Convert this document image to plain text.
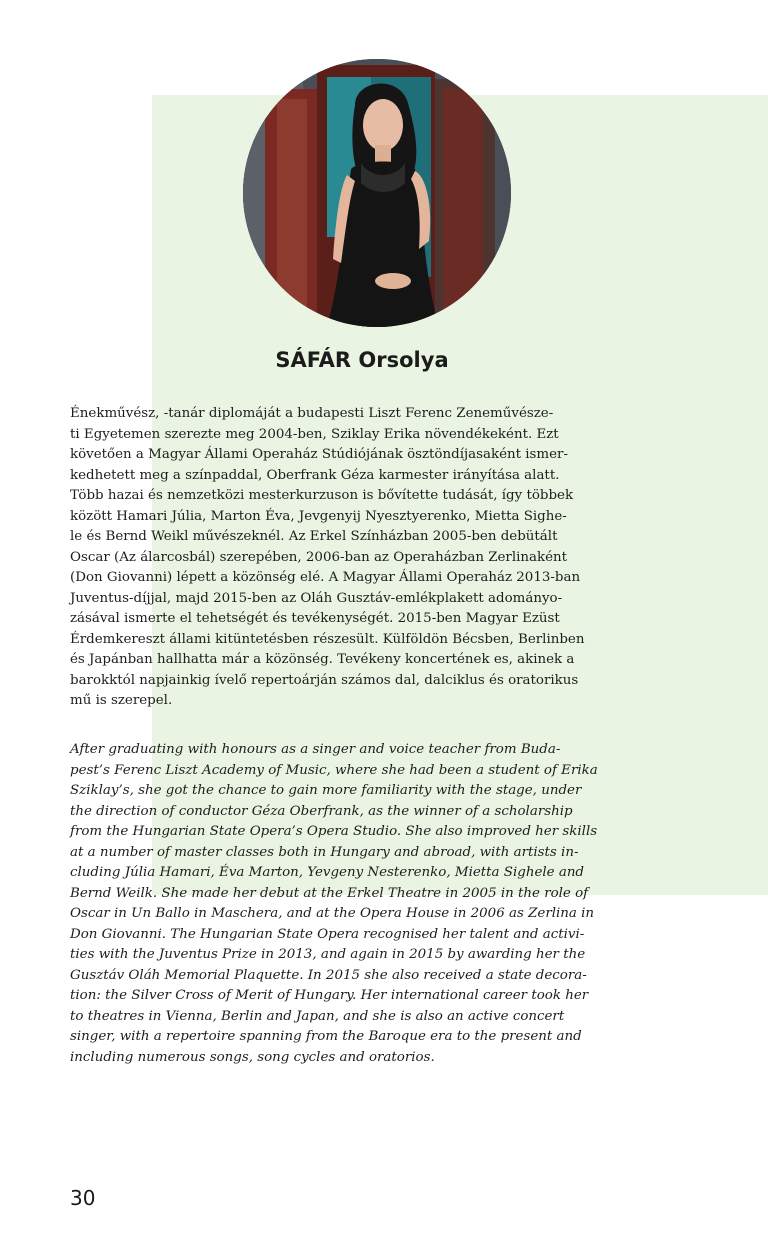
SÁFÁR Orsolya
Énekművész, -tanár diplomáját a budapesti Liszt Ferenc Zeneművésze-
ti Egyetemen szerezte meg 2004-ben, Sziklay Erika növendékeként. Ezt
követően a Magyar Állami Operaház Stúdiójának ösztöndíjasaként ismer-
kedhetett meg a színpaddal, Oberfrank Géza karmester irányítása alatt.
Több hazai és nemzetközi mesterkurzuson is bővítette tudását, így többek
között Hamari Júlia, Marton Éva, Jevgenyij Nyesztyerenko, Mietta Sighe-
le és Bernd Weikl művészeknél. Az Erkel Színházban 2005-ben debütált
Oscar (Az álarcosbál) szerepében, 2006-ban az Operaházban Zerlinaként
(Don Giovanni) lépett a közönség elé. A Magyar Állami Operaház 2013-ban
Juventus-díjjal, majd 2015-ben az Oláh Gusztáv-emlékplakett adományo-
zásával ismerte el tehetségét és tevékenységét. 2015-ben Magyar Ezüst
Érdemkereszt állami kitüntetésben részesült. Külföldön Bécsben, Berlinben
és Japánban hallhatta már a közönség. Tevékeny koncertének es, akinek a
barokktól napjainkig ívelő repertoárján számos dal, dalciklus és oratorikus
mű is szerepel.
After graduating with honours as a singer and voice teacher from Buda-
pest’s Ferenc Liszt Academy of Music, where she had been a student of Erika
Sziklay’s, she got the chance to gain more familiarity with the stage, under
the direction of conductor Géza Oberfrank, as the winner of a scholarship
from the Hungarian State Opera’s Opera Studio. She also improved her skills
at a number of master classes both in Hungary and abroad, with artists in-
cluding Júlia Hamari, Éva Marton, Yevgeny Nesterenko, Mietta Sighele and
Bernd Weilk. She made her debut at the Erkel Theatre in 2005 in the role of
Oscar in Un Ballo in Maschera, and at the Opera House in 2006 as Zerlina in
Don Giovanni. The Hungarian State Opera recognised her talent and activi-
ties with the Juventus Prize in 2013, and again in 2015 by awarding her the
Gusztáv Oláh Memorial Plaquette. In 2015 she also received a state decora-
tion: the Silver Cross of Merit of Hungary. Her international career took her
to theatres in Vienna, Berlin and Japan, and she is also an active concert
singer, with a repertoire spanning from the Baroque era to the present and
including numerous songs, song cycles and oratorios.
30
